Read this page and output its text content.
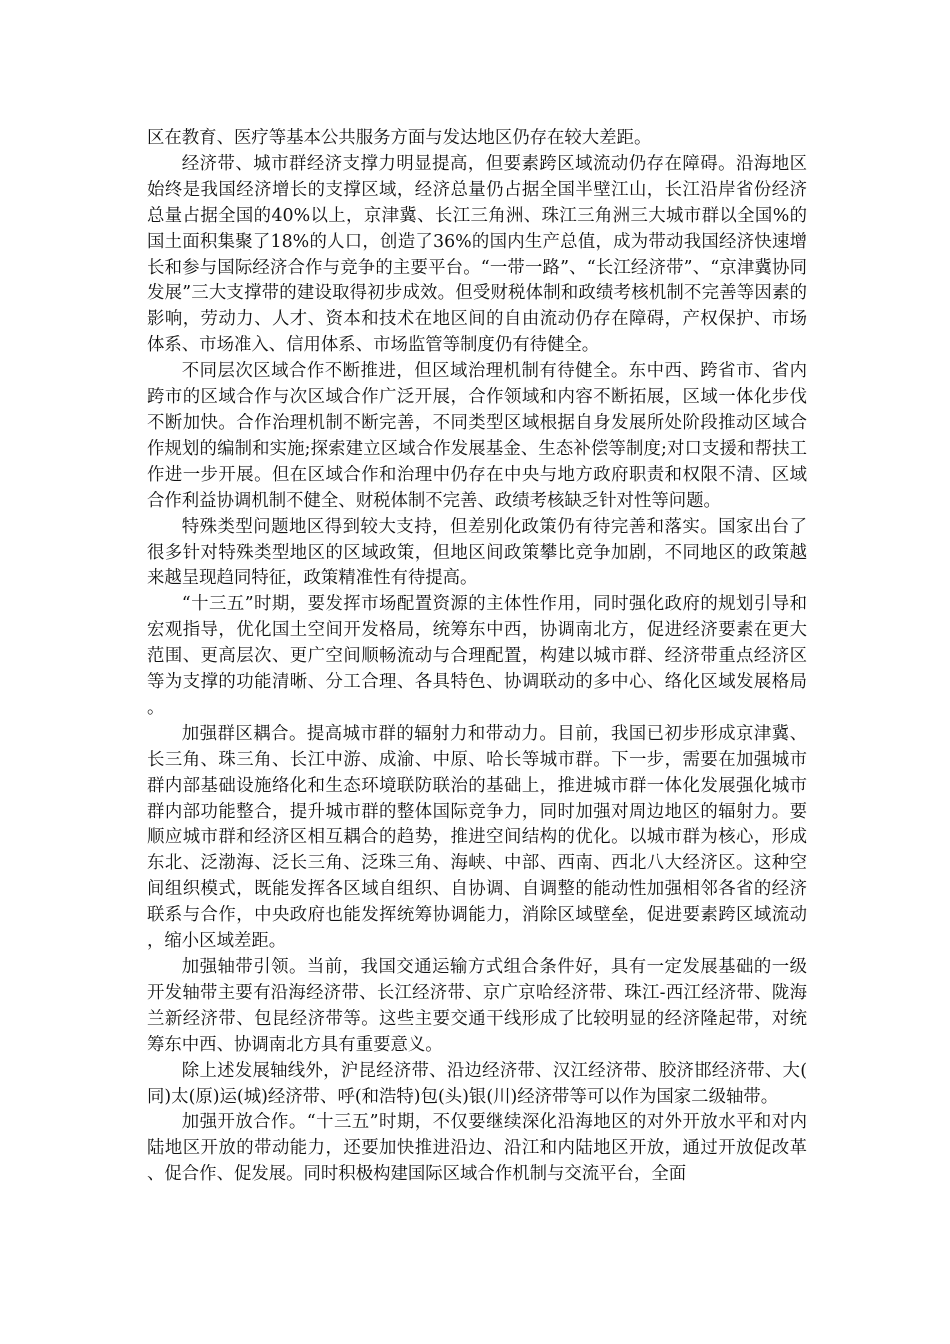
区在教育、医疗等基本公共服务方面与发达地区仍存在较大差距。

经济带、城市群经济支撑力明显提高，但要素跨区域流动仍存在障碍。沿海地区始终是我国经济增长的支撑区域，经济总量仍占据全国半壁江山，长江沿岸省份经济总量占据全国的40%以上，京津冀、长江三角洲、珠江三角洲三大城市群以全国%的国土面积集聚了18%的人口，创造了36%的国内生产总值，成为带动我国经济快速增长和参与国际经济合作与竞争的主要平台。“一带一路”、“长江经济带”、“京津冀协同发展”三大支撑带的建设取得初步成效。但受财税体制和政绩考核机制不完善等因素的影响，劳动力、人才、资本和技术在地区间的自由流动仍存在障碍，产权保护、市场体系、市场准入、信用体系、市场监管等制度仍有待健全。

不同层次区域合作不断推进，但区域治理机制有待健全。东中西、跨省市、省内跨市的区域合作与次区域合作广泛开展，合作领域和内容不断拓展，区域一体化步伐不断加快。合作治理机制不断完善，不同类型区域根据自身发展所处阶段推动区域合作规划的编制和实施;探索建立区域合作发展基金、生态补偿等制度;对口支援和帮扶工作进一步开展。但在区域合作和治理中仍存在中央与地方政府职责和权限不清、区域合作利益协调机制不健全、财税体制不完善、政绩考核缺乏针对性等问题。

特殊类型问题地区得到较大支持，但差别化政策仍有待完善和落实。国家出台了很多针对特殊类型地区的区域政策，但地区间政策攀比竞争加剧，不同地区的政策越来越呈现趋同特征，政策精准性有待提高。

“十三五”时期，要发挥市场配置资源的主体性作用，同时强化政府的规划引导和宏观指导，优化国土空间开发格局，统筹东中西，协调南北方，促进经济要素在更大范围、更高层次、更广空间顺畅流动与合理配置，构建以城市群、经济带重点经济区等为支撑的功能清晰、分工合理、各具特色、协调联动的多中心、络化区域发展格局。

加强群区耦合。提高城市群的辐射力和带动力。目前，我国已初步形成京津冀、长三角、珠三角、长江中游、成渝、中原、哈长等城市群。下一步，需要在加强城市群内部基础设施络化和生态环境联防联治的基础上，推进城市群一体化发展强化城市群内部功能整合，提升城市群的整体国际竞争力，同时加强对周边地区的辐射力。要顺应城市群和经济区相互耦合的趋势，推进空间结构的优化。以城市群为核心，形成东北、泛渤海、泛长三角、泛珠三角、海峡、中部、西南、西北八大经济区。这种空间组织模式，既能发挥各区域自组织、自协调、自调整的能动性加强相邻各省的经济联系与合作，中央政府也能发挥统筹协调能力，消除区域壁垒，促进要素跨区域流动，缩小区域差距。

加强轴带引领。当前，我国交通运输方式组合条件好，具有一定发展基础的一级开发轴带主要有沿海经济带、长江经济带、京广京哈经济带、珠江-西江经济带、陇海兰新经济带、包昆经济带等。这些主要交通干线形成了比较明显的经济隆起带，对统筹东中西、协调南北方具有重要意义。

除上述发展轴线外，沪昆经济带、沿边经济带、汉江经济带、胶济邯经济带、大(同)太(原)运(城)经济带、呼(和浩特)包(头)银(川)经济带等可以作为国家二级轴带。

加强开放合作。“十三五”时期，不仅要继续深化沿海地区的对外开放水平和对内陆地区开放的带动能力，还要加快推进沿边、沿江和内陆地区开放，通过开放促改革、促合作、促发展。同时积极构建国际区域合作机制与交流平台，全面
